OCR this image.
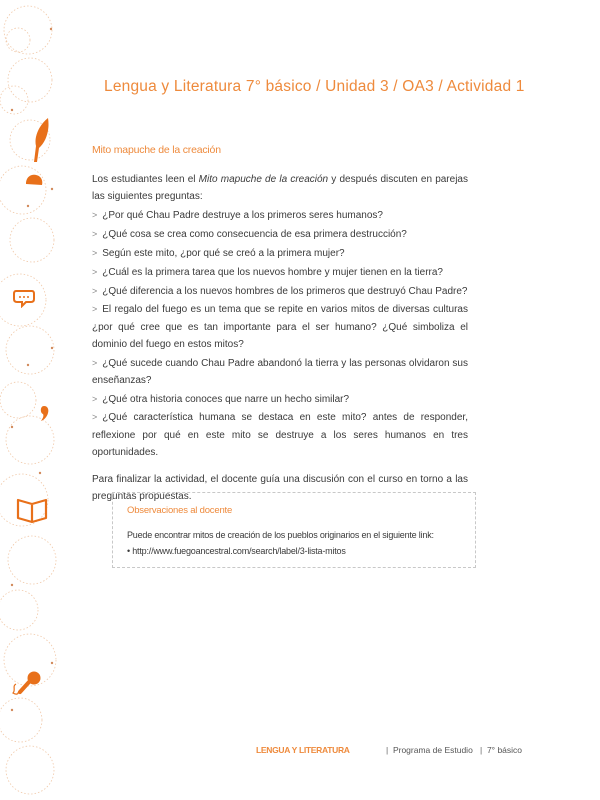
Lengua y Literatura 7° básico / Unidad 3 / OA3 / Actividad 1
Mito mapuche de la creación

Los estudiantes leen el Mito mapuche de la creación y después discuten en parejas las siguientes preguntas:

> ¿Por qué Chau Padre destruye a los primeros seres humanos?

> ¿Qué cosa se crea como consecuencia de esa primera destrucción?

> Según este mito, ¿por qué se creó a la primera mujer?

> ¿Cuál es la primera tarea que los nuevos hombre y mujer tienen en la tierra?

> ¿Qué diferencia a los nuevos hombres de los primeros que destruyó Chau Padre?

> El regalo del fuego es un tema que se repite en varios mitos de diversas culturas ¿por qué cree que es tan importante para el ser humano? ¿Qué simboliza el dominio del fuego en estos mitos?

> ¿Qué sucede cuando Chau Padre abandonó la tierra y las personas olvidaron sus enseñanzas?

> ¿Qué otra historia conoces que narre un hecho similar?

> ¿Qué característica humana se destaca en este mito? antes de responder, reflexione por qué en este mito se destruye a los seres humanos en tres oportunidades.

Para finalizar la actividad, el docente guía una discusión con el curso en torno a las preguntas propuestas.

Observaciones al docente
Puede encontrar mitos de creación de los pueblos originarios en el siguiente link:
• http://www.fuegoancestral.com/search/label/3-lista-mitos
LENGUA Y LITERATURA	| Programa de Estudio | 7° básico
